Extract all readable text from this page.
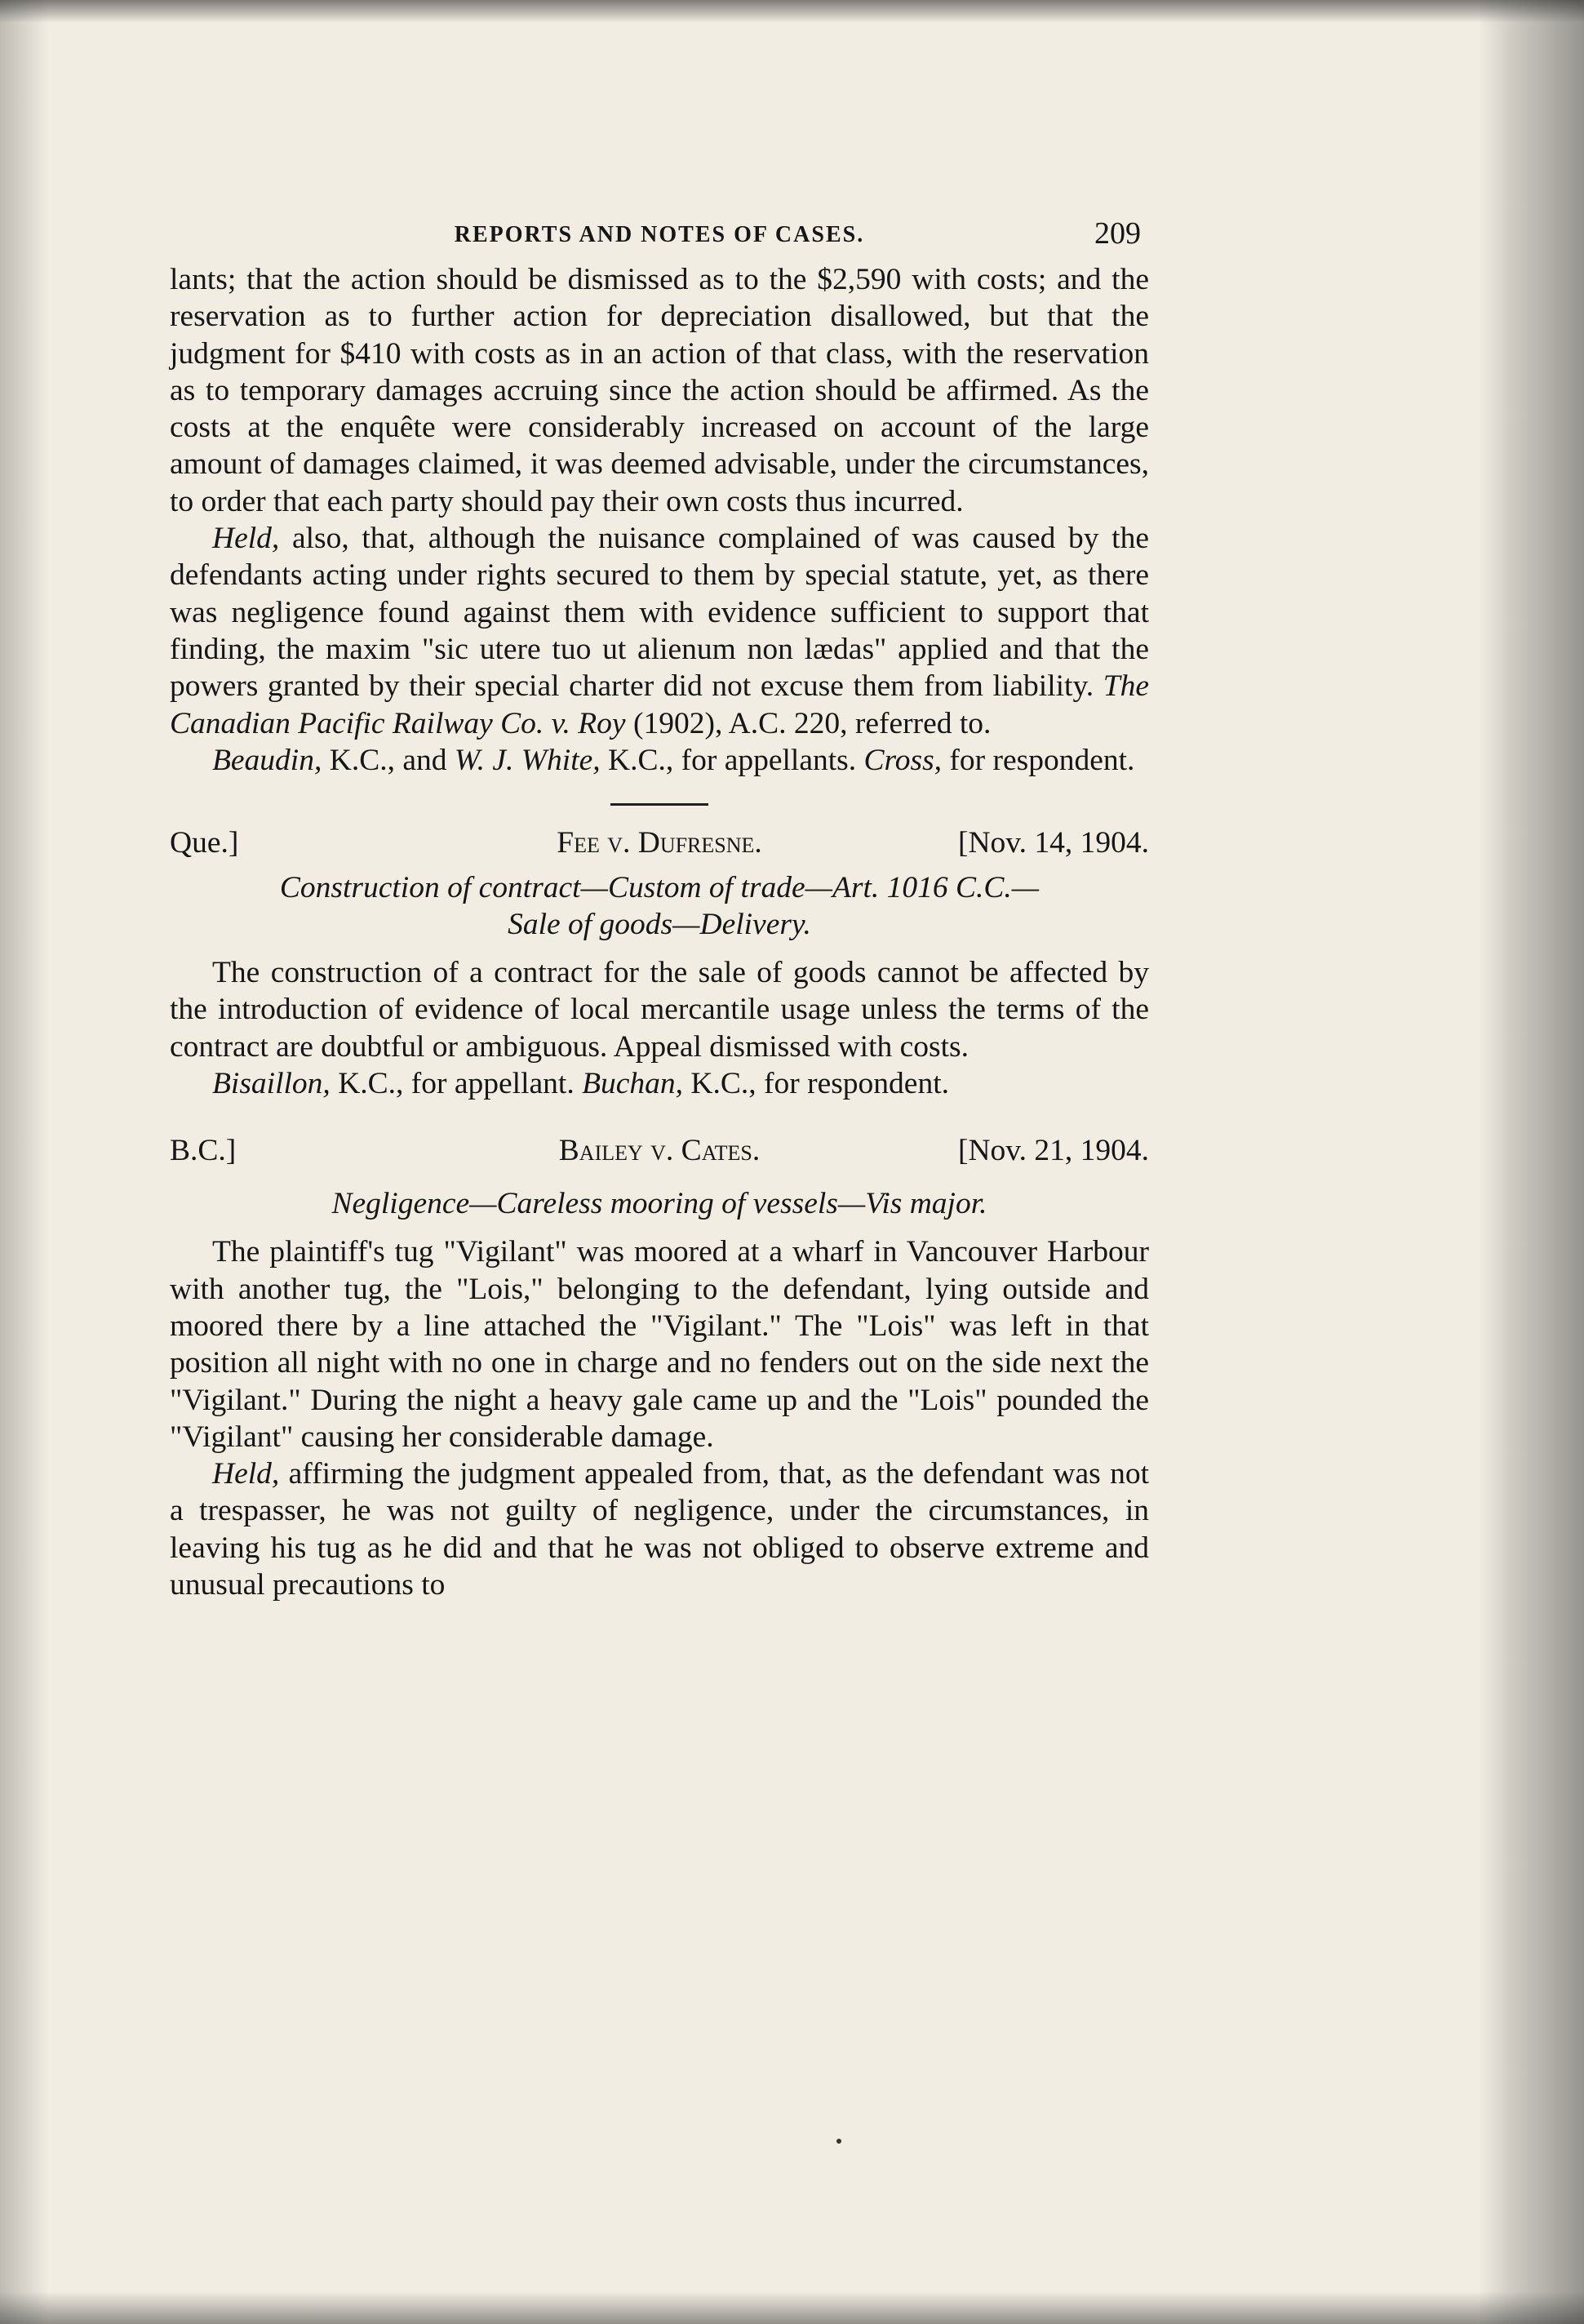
REPORTS AND NOTES OF CASES.	209

lants; that the action should be dismissed as to the $2,590 with costs; and the reservation as to further action for depreciation disallowed, but that the judgment for $410 with costs as in an action of that class, with the reservation as to temporary damages accruing since the action should be affirmed. As the costs at the enquête were considerably increased on account of the large amount of damages claimed, it was deemed advisable, under the circumstances, to order that each party should pay their own costs thus incurred.

Held, also, that, although the nuisance complained of was caused by the defendants acting under rights secured to them by special statute, yet, as there was negligence found against them with evidence sufficient to support that finding, the maxim "sic utere tuo ut alienum non lædas" applied and that the powers granted by their special charter did not excuse them from liability. The Canadian Pacific Railway Co. v. Roy (1902), A.C. 220, referred to.

Beaudin, K.C., and W. J. White, K.C., for appellants. Cross, for respondent.

Que.]	Fee v. Dufresne.	[Nov. 14, 1904.
Construction of contract—Custom of trade—Art. 1016 C.C.—
Sale of goods—Delivery.

The construction of a contract for the sale of goods cannot be affected by the introduction of evidence of local mercantile usage unless the terms of the contract are doubtful or ambiguous. Appeal dismissed with costs.

Bisaillon, K.C., for appellant. Buchan, K.C., for respondent.

B.C.]	Bailey v. Cates.	[Nov. 21, 1904.
Negligence—Careless mooring of vessels—Vis major.

The plaintiff's tug "Vigilant" was moored at a wharf in Vancouver Harbour with another tug, the "Lois," belonging to the defendant, lying outside and moored there by a line attached the "Vigilant." The "Lois" was left in that position all night with no one in charge and no fenders out on the side next the "Vigilant." During the night a heavy gale came up and the "Lois" pounded the "Vigilant" causing her considerable damage.

Held, affirming the judgment appealed from, that, as the defendant was not a trespasser, he was not guilty of negligence, under the circumstances, in leaving his tug as he did and that he was not obliged to observe extreme and unusual precautions to
